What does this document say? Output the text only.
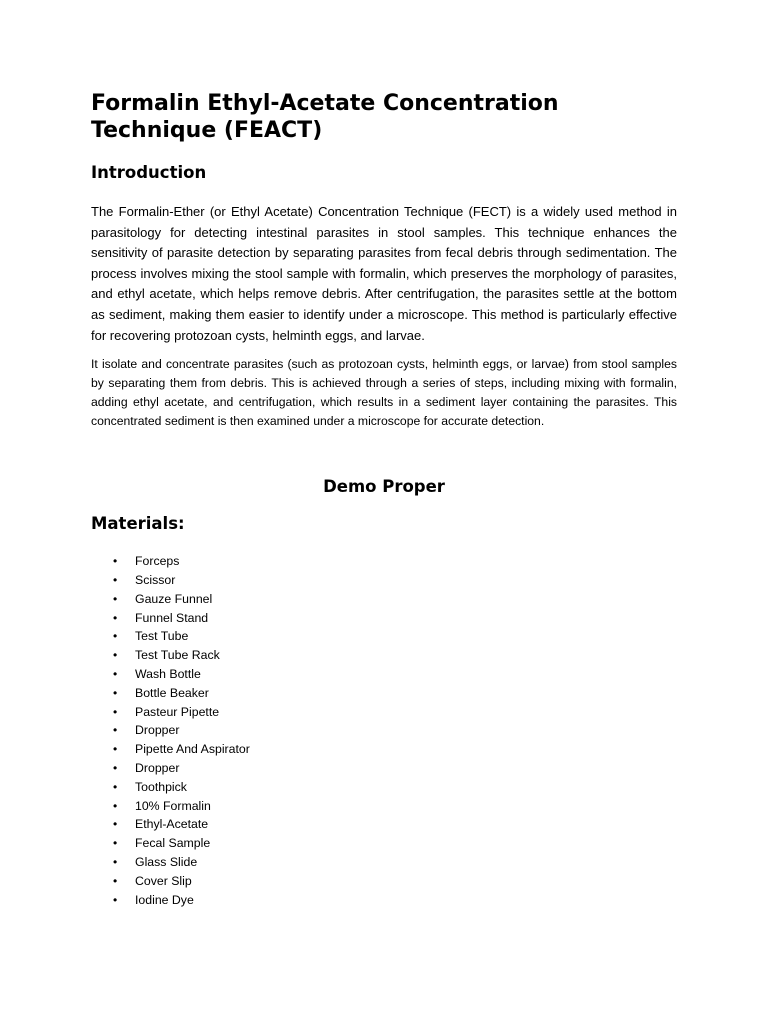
Formalin Ethyl-Acetate Concentration Technique (FEACT)
Introduction

The Formalin-Ether (or Ethyl Acetate) Concentration Technique (FECT) is a widely used method in parasitology for detecting intestinal parasites in stool samples. This technique enhances the sensitivity of parasite detection by separating parasites from fecal debris through sedimentation. The process involves mixing the stool sample with formalin, which preserves the morphology of parasites, and ethyl acetate, which helps remove debris. After centrifugation, the parasites settle at the bottom as sediment, making them easier to identify under a microscope. This method is particularly effective for recovering protozoan cysts, helminth eggs, and larvae.

It isolate and concentrate parasites (such as protozoan cysts, helminth eggs, or larvae) from stool samples by separating them from debris. This is achieved through a series of steps, including mixing with formalin, adding ethyl acetate, and centrifugation, which results in a sediment layer containing the parasites. This concentrated sediment is then examined under a microscope for accurate detection.

Demo Proper
Materials:
• Forceps
• Scissor
• Gauze Funnel
• Funnel Stand
• Test Tube
• Test Tube Rack
• Wash Bottle
• Bottle Beaker
• Pasteur Pipette
• Dropper
• Pipette And Aspirator
• Dropper
• Toothpick
• 10% Formalin
• Ethyl-Acetate
• Fecal Sample
• Glass Slide
• Cover Slip
• Iodine Dye
